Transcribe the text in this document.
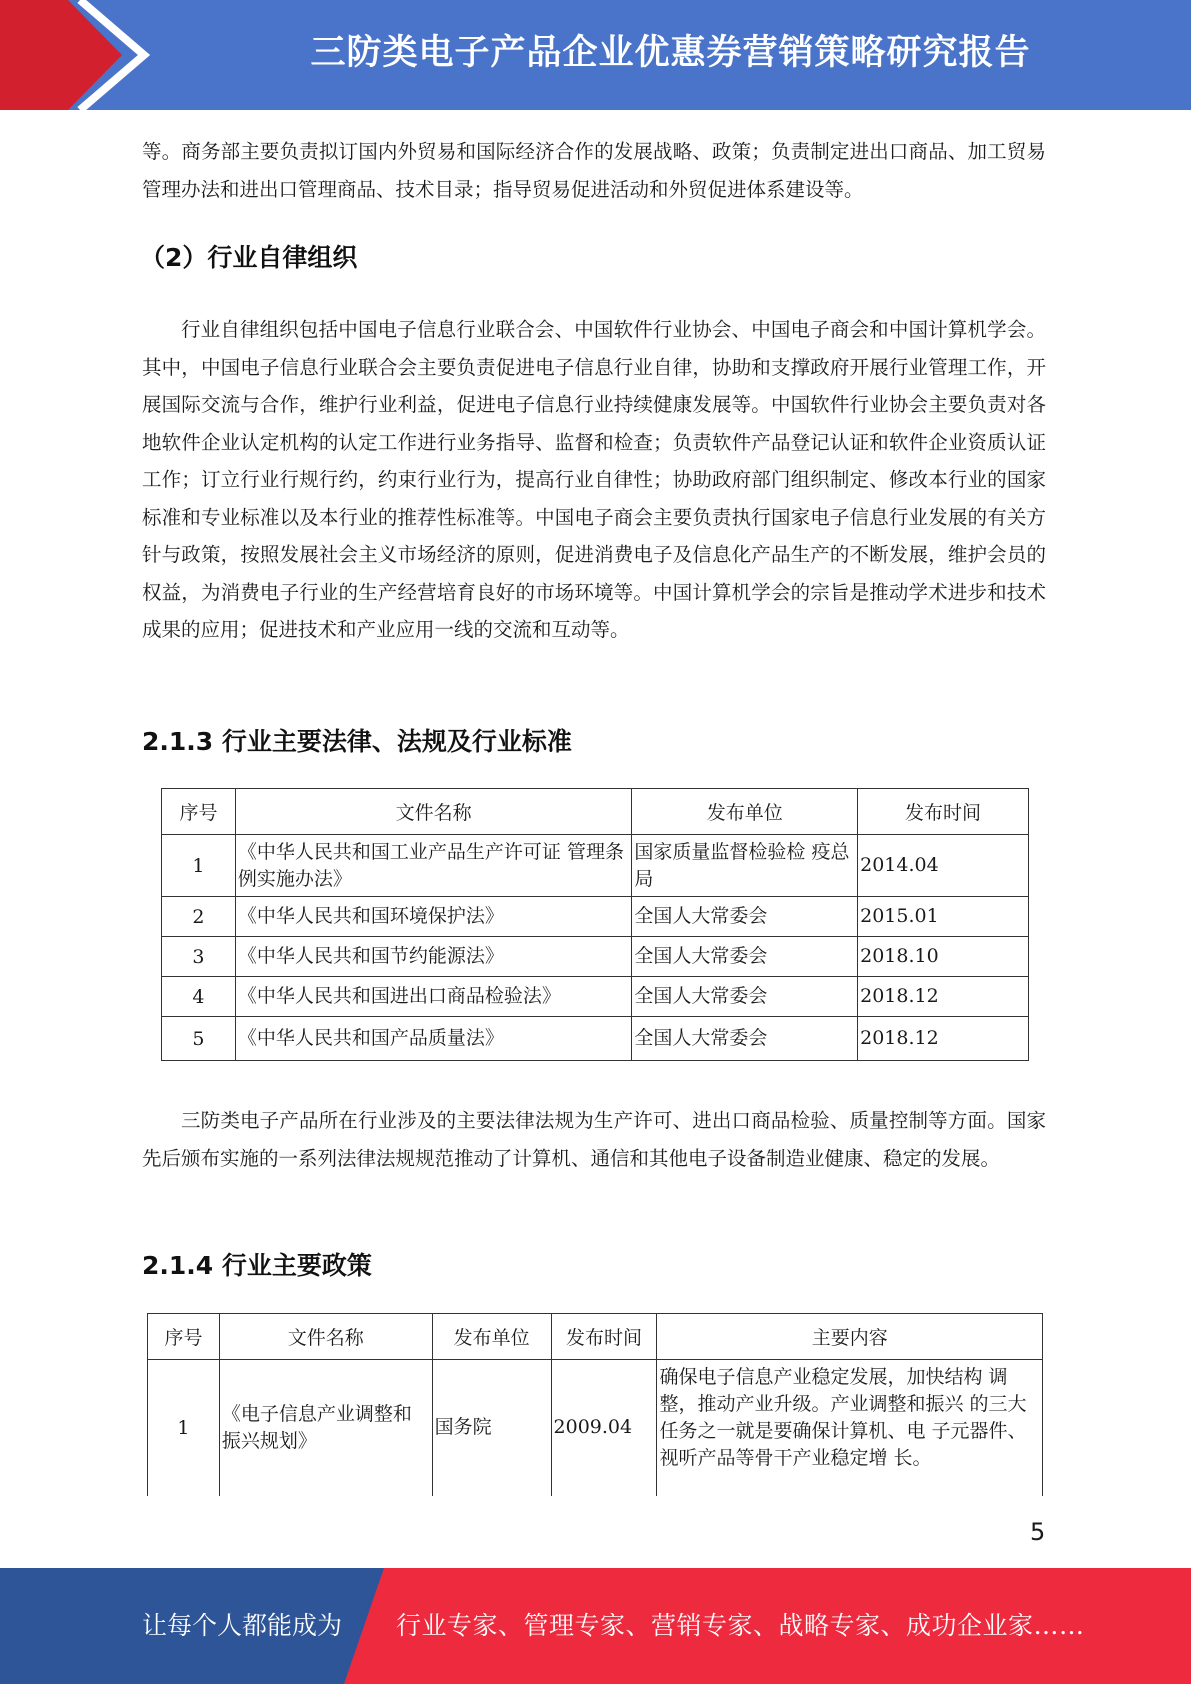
三防类电子产品企业优惠券营销策略研究报告
等。商务部主要负责拟订国内外贸易和国际经济合作的发展战略、政策；负责制定进出口商品、加工贸易管理办法和进出口管理商品、技术目录；指导贸易促进活动和外贸促进体系建设等。
（2）行业自律组织
行业自律组织包括中国电子信息行业联合会、中国软件行业协会、中国电子商会和中国计算机学会。其中，中国电子信息行业联合会主要负责促进电子信息行业自律，协助和支撑政府开展行业管理工作，开展国际交流与合作，维护行业利益，促进电子信息行业持续健康发展等。中国软件行业协会主要负责对各地软件企业认定机构的认定工作进行业务指导、监督和检查；负责软件产品登记认证和软件企业资质认证工作；订立行业行规行约，约束行业行为，提高行业自律性；协助政府部门组织制定、修改本行业的国家标准和专业标准以及本行业的推荐性标准等。中国电子商会主要负责执行国家电子信息行业发展的有关方针与政策，按照发展社会主义市场经济的原则，促进消费电子及信息化产品生产的不断发展，维护会员的权益，为消费电子行业的生产经营培育良好的市场环境等。中国计算机学会的宗旨是推动学术进步和技术成果的应用；促进技术和产业应用一线的交流和互动等。
2.1.3 行业主要法律、法规及行业标准
序号	文件名称	发布单位	发布时间
1	《中华人民共和国工业产品生产许可证 管理条例实施办法》	国家质量监督检验检 疫总局	2014.04
2	《中华人民共和国环境保护法》	全国人大常委会	2015.01
3	《中华人民共和国节约能源法》	全国人大常委会	2018.10
4	《中华人民共和国进出口商品检验法》	全国人大常委会	2018.12
5	《中华人民共和国产品质量法》	全国人大常委会	2018.12
三防类电子产品所在行业涉及的主要法律法规为生产许可、进出口商品检验、质量控制等方面。国家先后颁布实施的一系列法律法规规范推动了计算机、通信和其他电子设备制造业健康、稳定的发展。
2.1.4 行业主要政策
序号	文件名称	发布单位	发布时间	主要内容
1	《电子信息产业调整和振兴规划》	国务院	2009.04	确保电子信息产业稳定发展，加快结构 调整，推动产业升级。产业调整和振兴 的三大任务之一就是要确保计算机、电 子元器件、视听产品等骨干产业稳定增 长。
5
让每个人都能成为 行业专家、管理专家、营销专家、战略专家、成功企业家……
